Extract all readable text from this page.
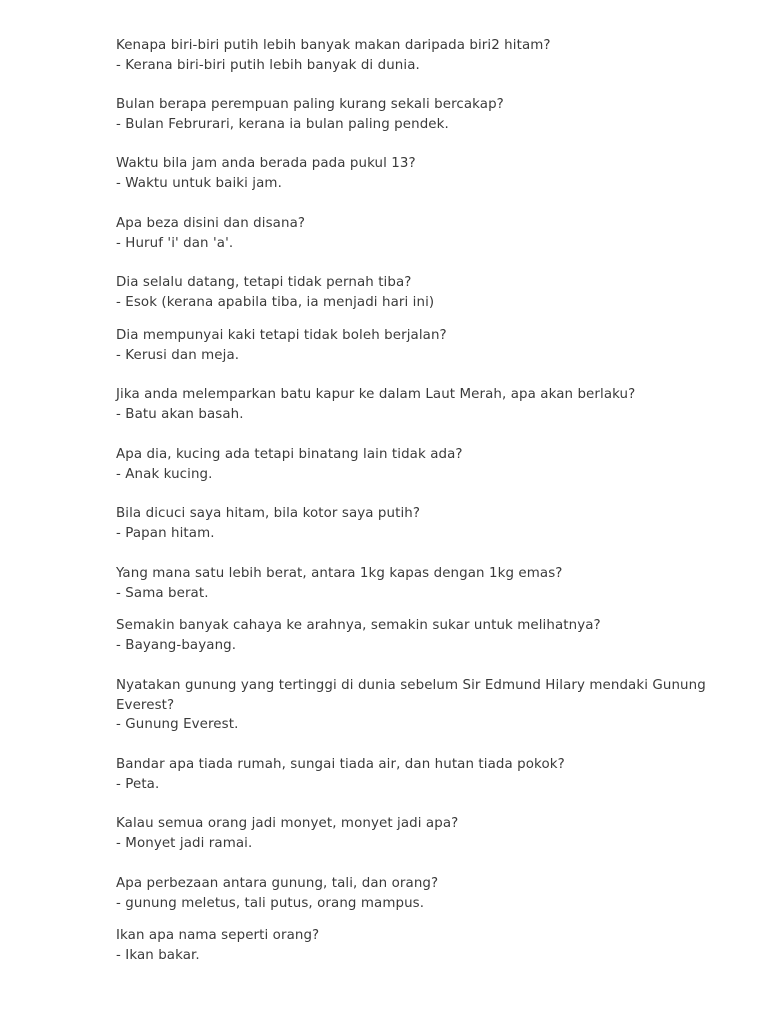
Kenapa biri-biri putih lebih banyak makan daripada biri2 hitam?

- Kerana biri-biri putih lebih banyak di dunia.

Bulan berapa perempuan paling kurang sekali bercakap?

- Bulan Februrari, kerana ia bulan paling pendek.

Waktu bila jam anda berada pada pukul 13?

- Waktu untuk baiki jam.

Apa beza disini dan disana?

- Huruf 'i' dan 'a'.

Dia selalu datang, tetapi tidak pernah tiba?

- Esok (kerana apabila tiba, ia menjadi hari ini)

Dia mempunyai kaki tetapi tidak boleh berjalan?

- Kerusi dan meja.

Jika anda melemparkan batu kapur ke dalam Laut Merah, apa akan berlaku?

- Batu akan basah.

Apa dia, kucing ada tetapi binatang lain tidak ada?

- Anak kucing.

Bila dicuci saya hitam, bila kotor saya putih?

- Papan hitam.

Yang mana satu lebih berat, antara 1kg kapas dengan 1kg emas?

- Sama berat.

Semakin banyak cahaya ke arahnya, semakin sukar untuk melihatnya?

- Bayang-bayang.

Nyatakan gunung yang tertinggi di dunia sebelum Sir Edmund Hilary mendaki Gunung Everest?

- Gunung Everest.

Bandar apa tiada rumah, sungai tiada air, dan hutan tiada pokok?

- Peta.

Kalau semua orang jadi monyet, monyet jadi apa?

- Monyet jadi ramai.

Apa perbezaan antara gunung, tali, dan orang?

- gunung meletus, tali putus, orang mampus.

Ikan apa nama seperti orang?

- Ikan bakar.
